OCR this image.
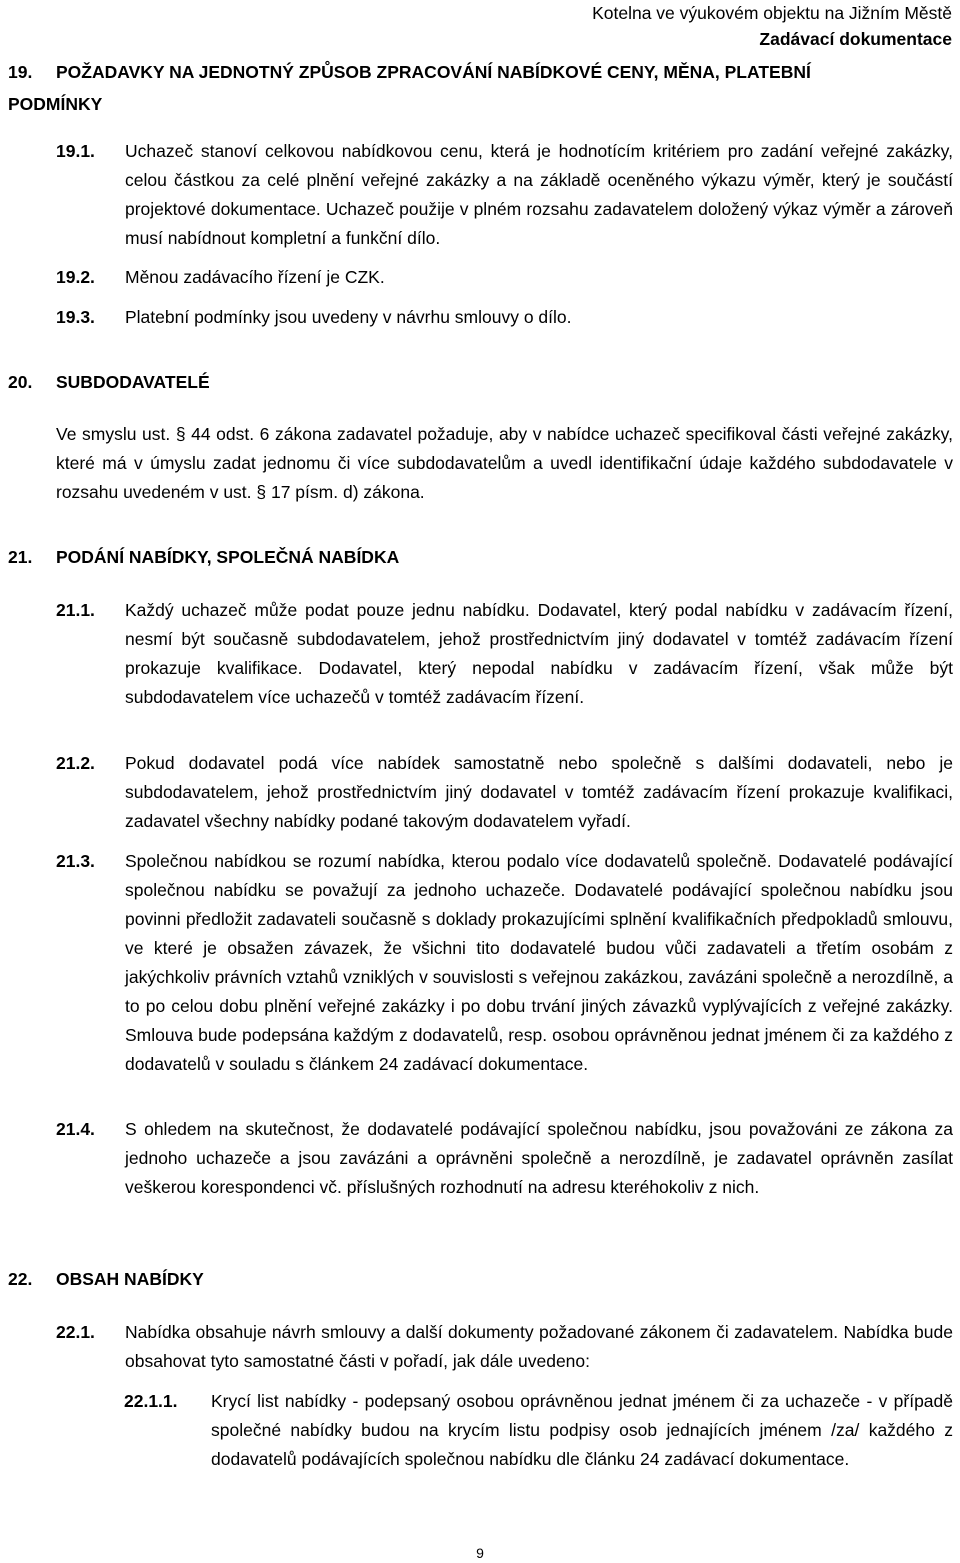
Kotelna ve výukovém objektu na Jižním Městě
Zadávací dokumentace
19. POŽADAVKY NA JEDNOTNÝ ZPŮSOB ZPRACOVÁNÍ NABÍDKOVÉ CENY, MĚNA, PLATEBNÍ
PODMÍNKY
19.1.	Uchazeč stanoví celkovou nabídkovou cenu, která je hodnotícím kritériem pro zadání veřejné zakázky, celou částkou za celé plnění veřejné zakázky a na základě oceněného výkazu výměr, který je součástí projektové dokumentace. Uchazeč použije v plném rozsahu zadavatelem doložený výkaz výměr a zároveň musí nabídnout kompletní a funkční dílo.
19.2.	Měnou zadávacího řízení je CZK.
19.3.	Platební podmínky jsou uvedeny v návrhu smlouvy o dílo.
20. SUBDODAVATELÉ
Ve smyslu ust. § 44 odst. 6 zákona zadavatel požaduje, aby v nabídce uchazeč specifikoval části veřejné zakázky, které má v úmyslu zadat jednomu či více subdodavatelům a uvedl identifikační údaje každého subdodavatele v rozsahu uvedeném v ust. § 17 písm. d) zákona.
21. PODÁNÍ NABÍDKY, SPOLEČNÁ NABÍDKA
21.1.	Každý uchazeč může podat pouze jednu nabídku. Dodavatel, který podal nabídku v zadávacím řízení, nesmí být současně subdodavatelem, jehož prostřednictvím jiný dodavatel v tomtéž zadávacím řízení prokazuje kvalifikace. Dodavatel, který nepodal nabídku v zadávacím řízení, však může být subdodavatelem více uchazečů v tomtéž zadávacím řízení.
21.2.	Pokud dodavatel podá více nabídek samostatně nebo společně s dalšími dodavateli, nebo je subdodavatelem, jehož prostřednictvím jiný dodavatel v tomtéž zadávacím řízení prokazuje kvalifikaci, zadavatel všechny nabídky podané takovým dodavatelem vyřadí.
21.3.	Společnou nabídkou se rozumí nabídka, kterou podalo více dodavatelů společně. Dodavatelé podávající společnou nabídku se považují za jednoho uchazeče. Dodavatelé podávající společnou nabídku jsou povinni předložit zadavateli současně s doklady prokazujícími splnění kvalifikačních předpokladů smlouvu, ve které je obsažen závazek, že všichni tito dodavatelé budou vůči zadavateli a třetím osobám z jakýchkoliv právních vztahů vzniklých v souvislosti s veřejnou zakázkou, zavázáni společně a nerozdílně, a to po celou dobu plnění veřejné zakázky i po dobu trvání jiných závazků vyplývajících z veřejné zakázky. Smlouva bude podepsána každým z dodavatelů, resp. osobou oprávněnou jednat jménem či za každého z dodavatelů v souladu s článkem 24 zadávací dokumentace.
21.4.	S ohledem na skutečnost, že dodavatelé podávající společnou nabídku, jsou považováni ze zákona za jednoho uchazeče a jsou zavázáni a oprávněni společně a nerozdílně, je zadavatel oprávněn zasílat veškerou korespondenci vč. příslušných rozhodnutí na adresu kteréhokoliv z nich.
22. OBSAH NABÍDKY
22.1.	Nabídka obsahuje návrh smlouvy a další dokumenty požadované zákonem či zadavatelem. Nabídka bude obsahovat tyto samostatné části v pořadí, jak dále uvedeno:
22.1.1.	Krycí list nabídky - podepsaný osobou oprávněnou jednat jménem či za uchazeče - v případě společné nabídky budou na krycím listu podpisy osob jednajících jménem /za/ každého z dodavatelů podávajících společnou nabídku dle článku 24 zadávací dokumentace.
9
